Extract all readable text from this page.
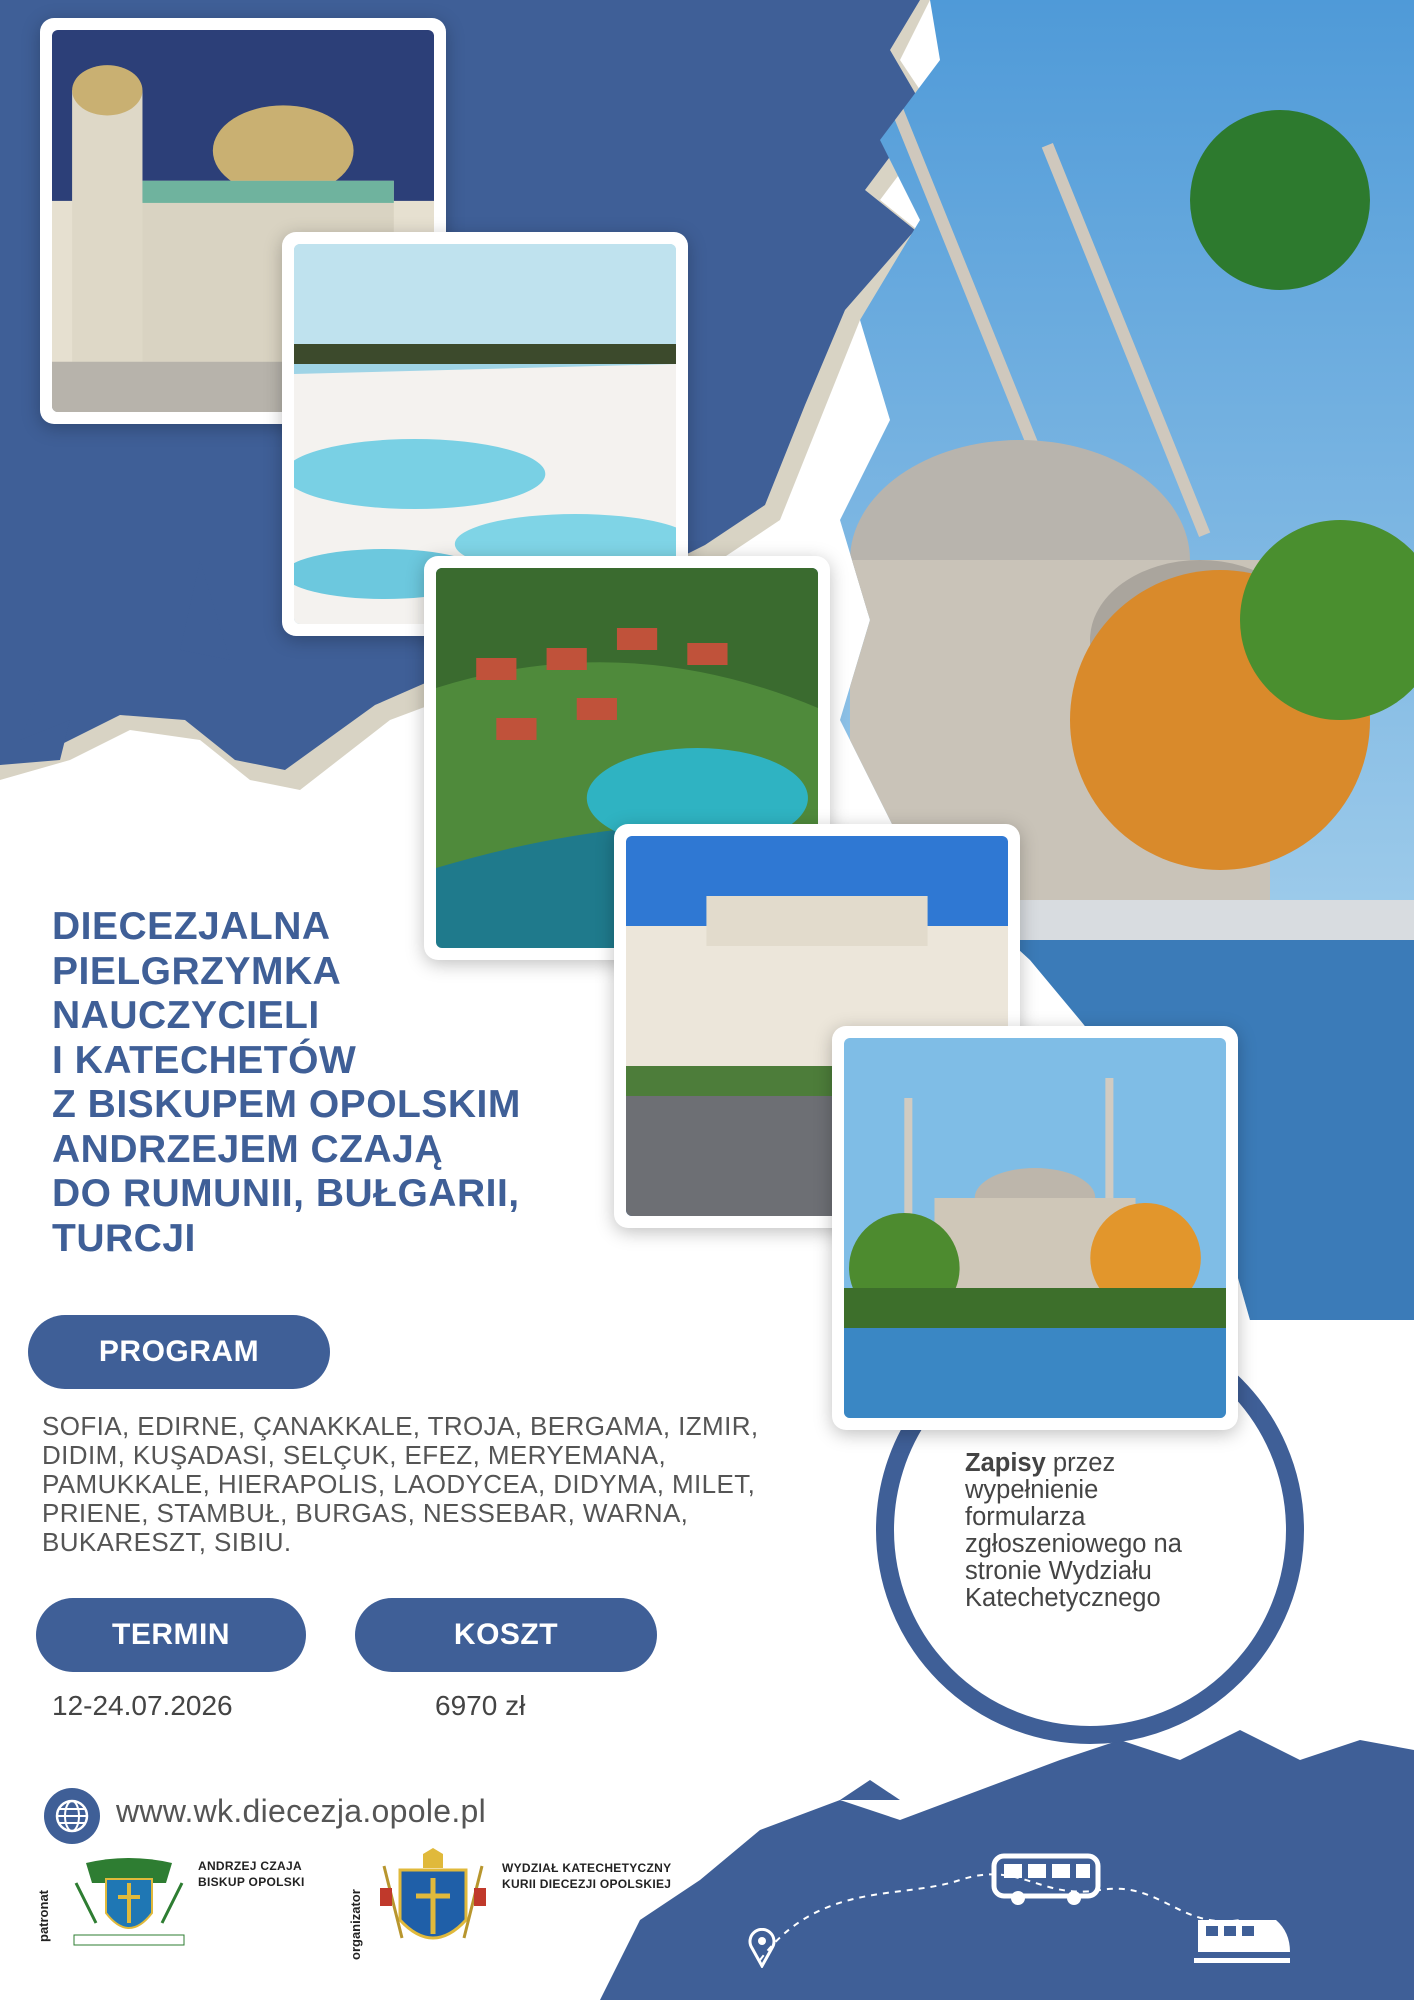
DIECEZJALNA
PIELGRZYMKA
NAUCZYCIELI
I KATECHETÓW
Z BISKUPEM OPOLSKIM
ANDRZEJEM CZAJĄ
DO RUMUNII, BUŁGARII,
TURCJI
PROGRAM
SOFIA, EDIRNE, ÇANAKKALE, TROJA, BERGAMA, IZMIR,
DIDIM, KUŞADASI, SELÇUK, EFEZ, MERYEMANA,
PAMUKKALE, HIERAPOLIS, LAODYCEA, DIDYMA, MILET,
PRIENE, STAMBUŁ, BURGAS, NESSEBAR, WARNA,
BUKARESZT, SIBIU.
TERMIN	KOSZT
12-24.07.2026	6970 zł
Zapisy przez
wypełnienie
formularza
zgłoszeniowego na
stronie Wydziału
Katechetycznego
www.wk.diecezja.opole.pl
patronat
ANDRZEJ CZAJA
BISKUP OPOLSKI
organizator
WYDZIAŁ KATECHETYCZNY
KURII DIECEZJI OPOLSKIEJ
